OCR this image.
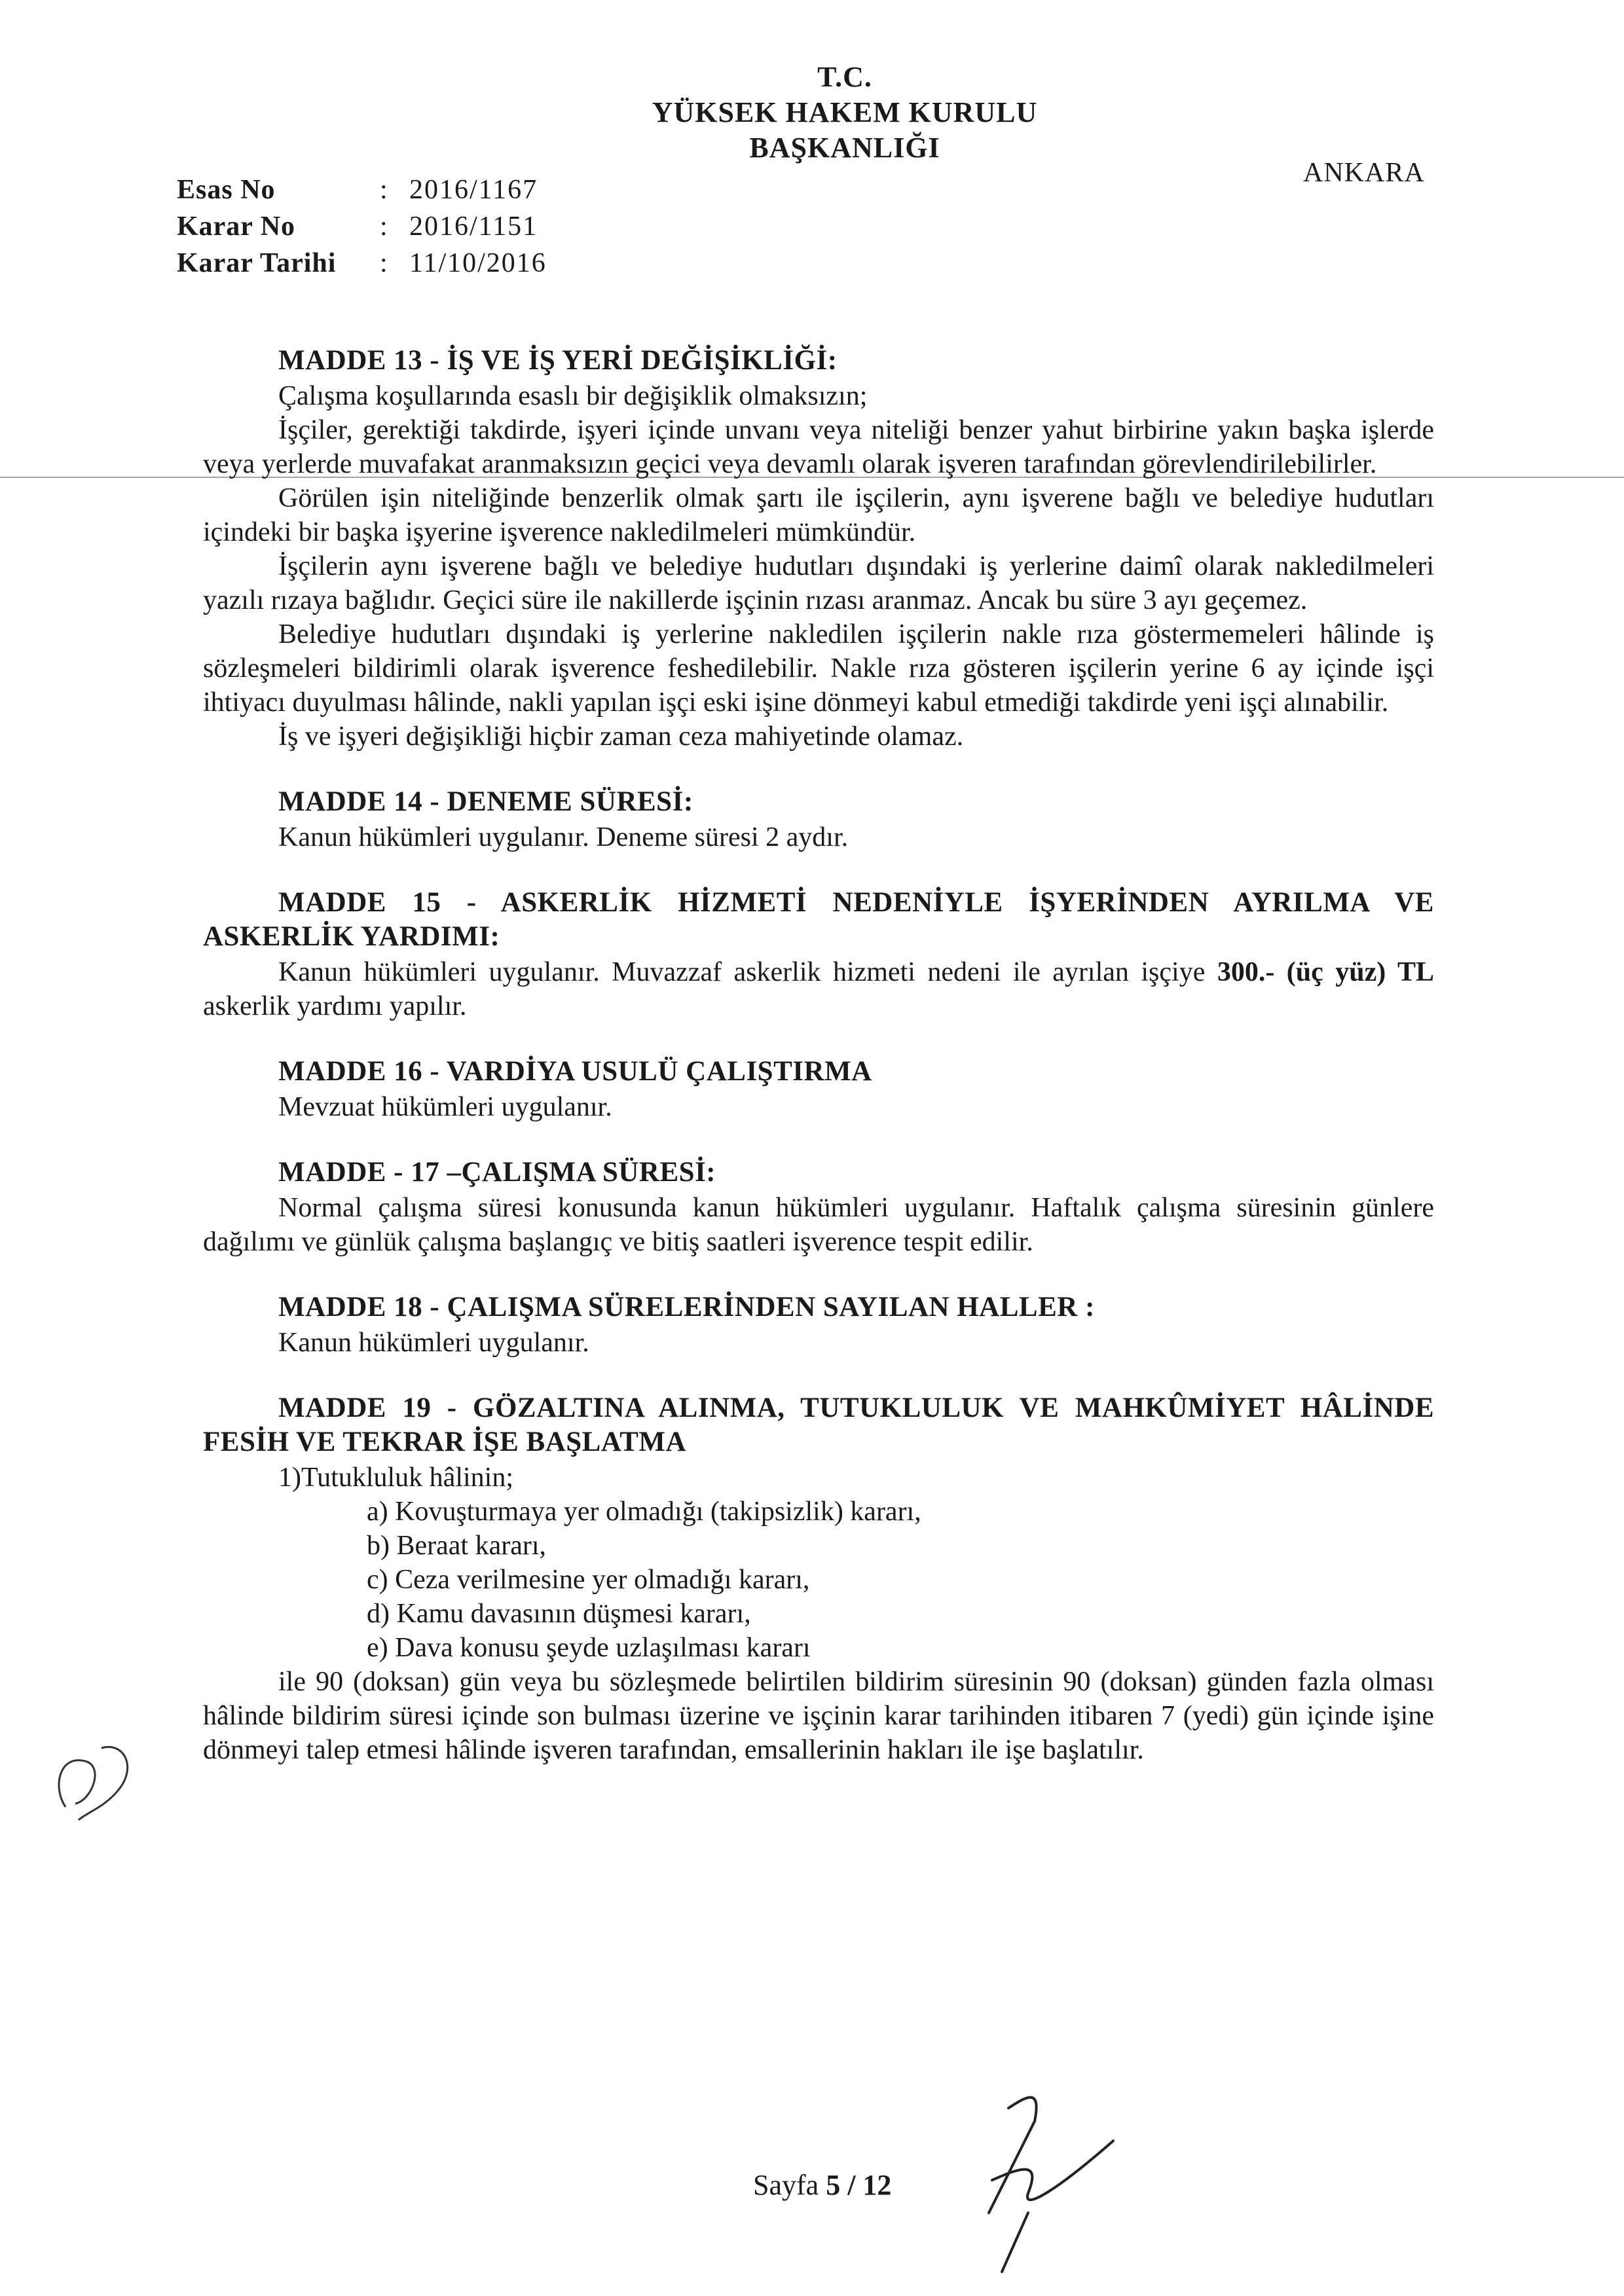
T.C.
YÜKSEK HAKEM KURULU
BAŞKANLIĞI
ANKARA
Esas No	: 2016/1167
Karar No	: 2016/1151
Karar Tarihi	: 11/10/2016
MADDE 13 - İŞ VE İŞ YERİ DEĞİŞİKLİĞİ:

Çalışma koşullarında esaslı bir değişiklik olmaksızın;

İşçiler, gerektiği takdirde, işyeri içinde unvanı veya niteliği benzer yahut birbirine yakın başka işlerde veya yerlerde muvafakat aranmaksızın geçici veya devamlı olarak işveren tarafından görevlendirilebilirler.

Görülen işin niteliğinde benzerlik olmak şartı ile işçilerin, aynı işverene bağlı ve belediye hudutları içindeki bir başka işyerine işverence nakledilmeleri mümkündür.

İşçilerin aynı işverene bağlı ve belediye hudutları dışındaki iş yerlerine daimî olarak nakledilmeleri yazılı rızaya bağlıdır. Geçici süre ile nakillerde işçinin rızası aranmaz. Ancak bu süre 3 ayı geçemez.

Belediye hudutları dışındaki iş yerlerine nakledilen işçilerin nakle rıza göstermemeleri hâlinde iş sözleşmeleri bildirimli olarak işverence feshedilebilir. Nakle rıza gösteren işçilerin yerine 6 ay içinde işçi ihtiyacı duyulması hâlinde, nakli yapılan işçi eski işine dönmeyi kabul etmediği takdirde yeni işçi alınabilir.

İş ve işyeri değişikliği hiçbir zaman ceza mahiyetinde olamaz.

MADDE 14 - DENEME SÜRESİ:

Kanun hükümleri uygulanır. Deneme süresi 2 aydır.

MADDE 15 - ASKERLİK HİZMETİ NEDENİYLE İŞYERİNDEN AYRILMA VE ASKERLİK YARDIMI:

Kanun hükümleri uygulanır. Muvazzaf askerlik hizmeti nedeni ile ayrılan işçiye 300.- (üç yüz) TL askerlik yardımı yapılır.

MADDE 16 - VARDİYA USULÜ ÇALIŞTIRMA

Mevzuat hükümleri uygulanır.

MADDE - 17 –ÇALIŞMA SÜRESİ:

Normal çalışma süresi konusunda kanun hükümleri uygulanır. Haftalık çalışma süresinin günlere dağılımı ve günlük çalışma başlangıç ve bitiş saatleri işverence tespit edilir.

MADDE 18 - ÇALIŞMA SÜRELERİNDEN SAYILAN HALLER :

Kanun hükümleri uygulanır.

MADDE 19 - GÖZALTINA ALINMA, TUTUKLULUK VE MAHKÛMİYET HÂLİNDE FESİH VE TEKRAR İŞE BAŞLATMA

1)Tutukluluk hâlinin;

a) Kovuşturmaya yer olmadığı (takipsizlik) kararı,
b) Beraat kararı,
c) Ceza verilmesine yer olmadığı kararı,
d) Kamu davasının düşmesi kararı,
e) Dava konusu şeyde uzlaşılması kararı

ile 90 (doksan) gün veya bu sözleşmede belirtilen bildirim süresinin 90 (doksan) günden fazla olması hâlinde bildirim süresi içinde son bulması üzerine ve işçinin karar tarihinden itibaren 7 (yedi) gün içinde işine dönmeyi talep etmesi hâlinde işveren tarafından, emsallerinin hakları ile işe başlatılır.

Sayfa 5 / 12
